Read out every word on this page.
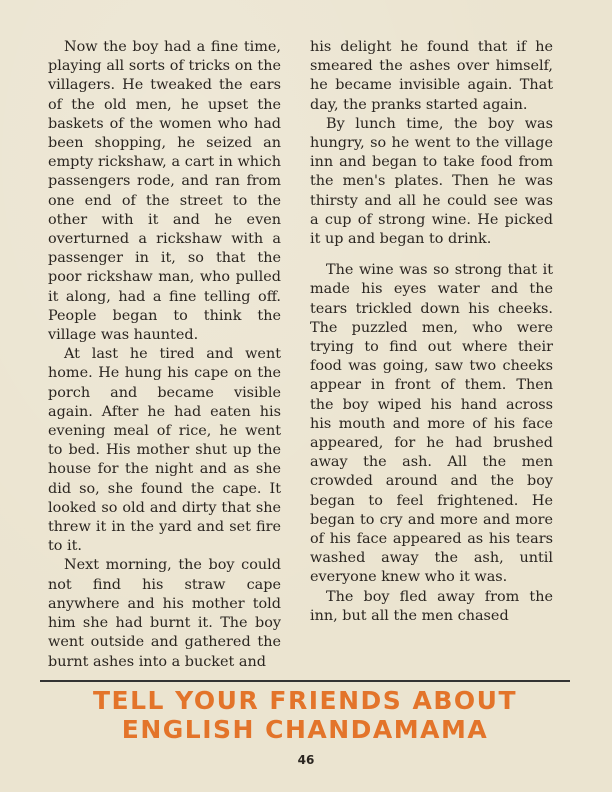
Now the boy had a fine time, playing all sorts of tricks on the villagers. He tweaked the ears of the old men, he upset the baskets of the women who had been shopping, he seized an empty rickshaw, a cart in which passengers rode, and ran from one end of the street to the other with it and he even overturned a rickshaw with a passenger in it, so that the poor rickshaw man, who pulled it along, had a fine telling off. People began to think the village was haunted.

At last he tired and went home. He hung his cape on the porch and became visible again. After he had eaten his evening meal of rice, he went to bed. His mother shut up the house for the night and as she did so, she found the cape. It looked so old and dirty that she threw it in the yard and set fire to it.

Next morning, the boy could not find his straw cape anywhere and his mother told him she had burnt it. The boy went outside and gathered the burnt ashes into a bucket and

his delight he found that if he smeared the ashes over himself, he became invisible again. That day, the pranks started again.

By lunch time, the boy was hungry, so he went to the village inn and began to take food from the men's plates. Then he was thirsty and all he could see was a cup of strong wine. He picked it up and began to drink.

The wine was so strong that it made his eyes water and the tears trickled down his cheeks. The puzzled men, who were trying to find out where their food was going, saw two cheeks appear in front of them. Then the boy wiped his hand across his mouth and more of his face appeared, for he had brushed away the ash. All the men crowded around and the boy began to feel frightened. He began to cry and more and more of his face appeared as his tears washed away the ash, until everyone knew who it was.

The boy fled away from the inn, but all the men chased

TELL YOUR FRIENDS ABOUT
ENGLISH CHANDAMAMA
46
